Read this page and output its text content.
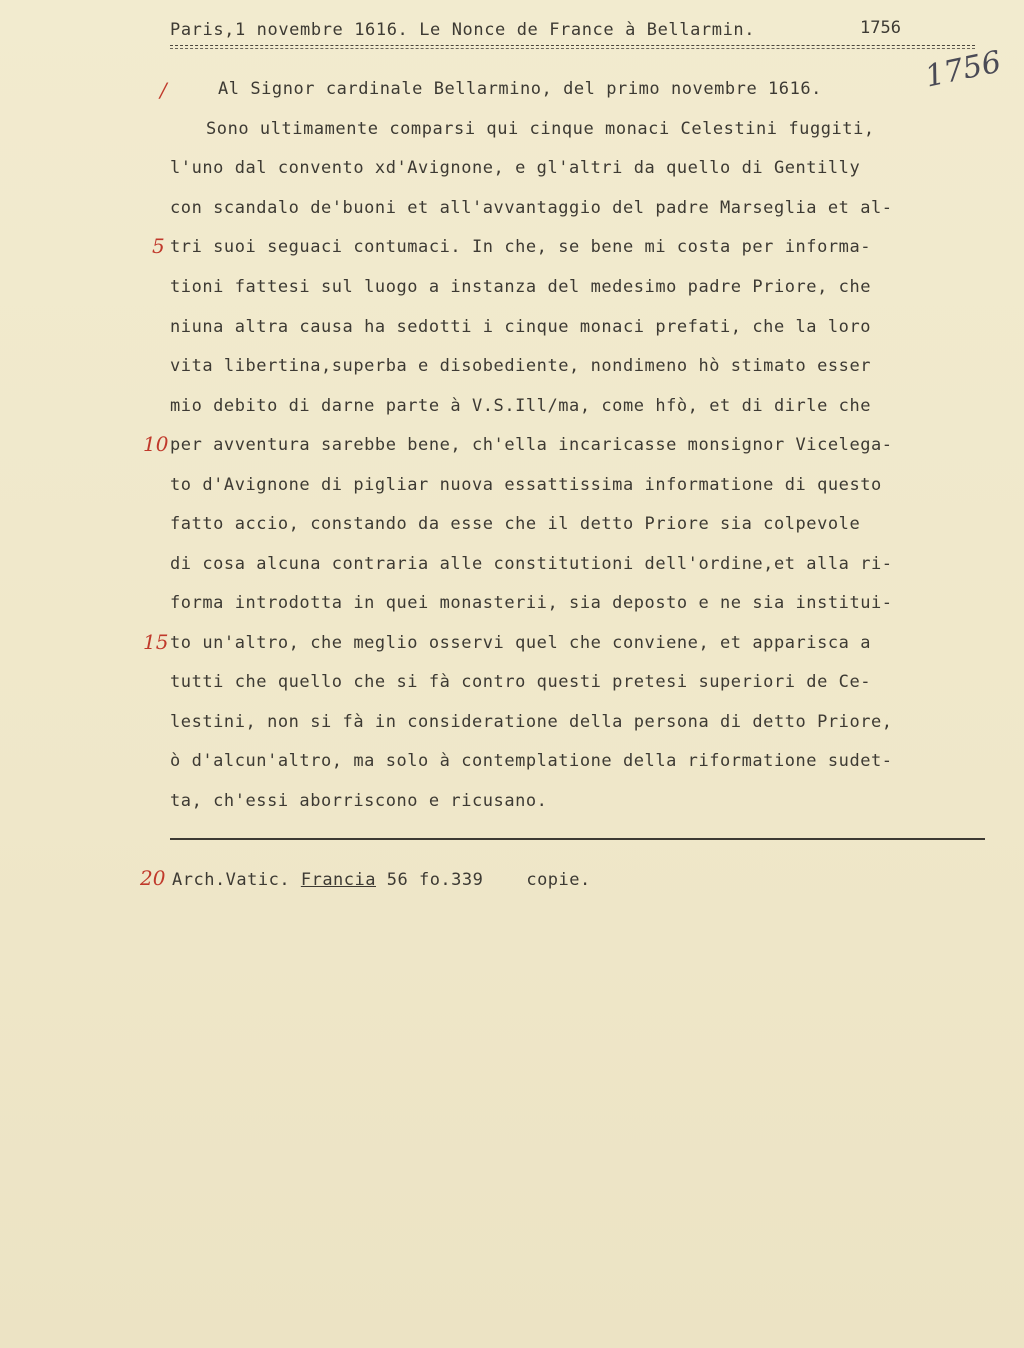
Paris,1 novembre 1616. Le Nonce de France à Bellarmin.	1756
1756
/	Al Signor cardinale Bellarmino, del primo novembre 1616.
Sono ultimamente comparsi qui cinque monaci Celestini fuggiti,
l'uno dal convento xd'Avignone, e gl'altri da quello di Gentilly
con scandalo de'buoni et all'avvantaggio del padre Marseglia et al-
5 tri suoi seguaci contumaci. In che, se bene mi costa per informa-
tioni fattesi sul luogo a instanza del medesimo padre Priore, che
niuna altra causa ha sedotti i cinque monaci prefati, che la loro
vita libertina,superba e disobediente, nondimeno hò stimato esser
mio debito di darne parte à V.S.Ill/ma, come hfò, et di dirle che
10 per avventura sarebbe bene, ch'ella incaricasse monsignor Vicelega-
to d'Avignone di pigliar nuova essattissima informatione di questo
fatto accio, constando da esse che il detto Priore sia colpevole
di cosa alcuna contraria alle constitutioni dell'ordine,et alla ri-
forma introdotta in quei monasterii, sia deposto e ne sia institui-
15 to un'altro, che meglio osservi quel che conviene, et apparisca a
tutti che quello che si fà contro questi pretesi superiori de Ce-
lestini, non si fà in consideratione della persona di detto Priore,
ò d'alcun'altro, ma solo à contemplatione della riformatione sudet-
ta, ch'essi aborriscono e ricusano.
20 Arch.Vatic. Francia 56 fo.339	copie.
